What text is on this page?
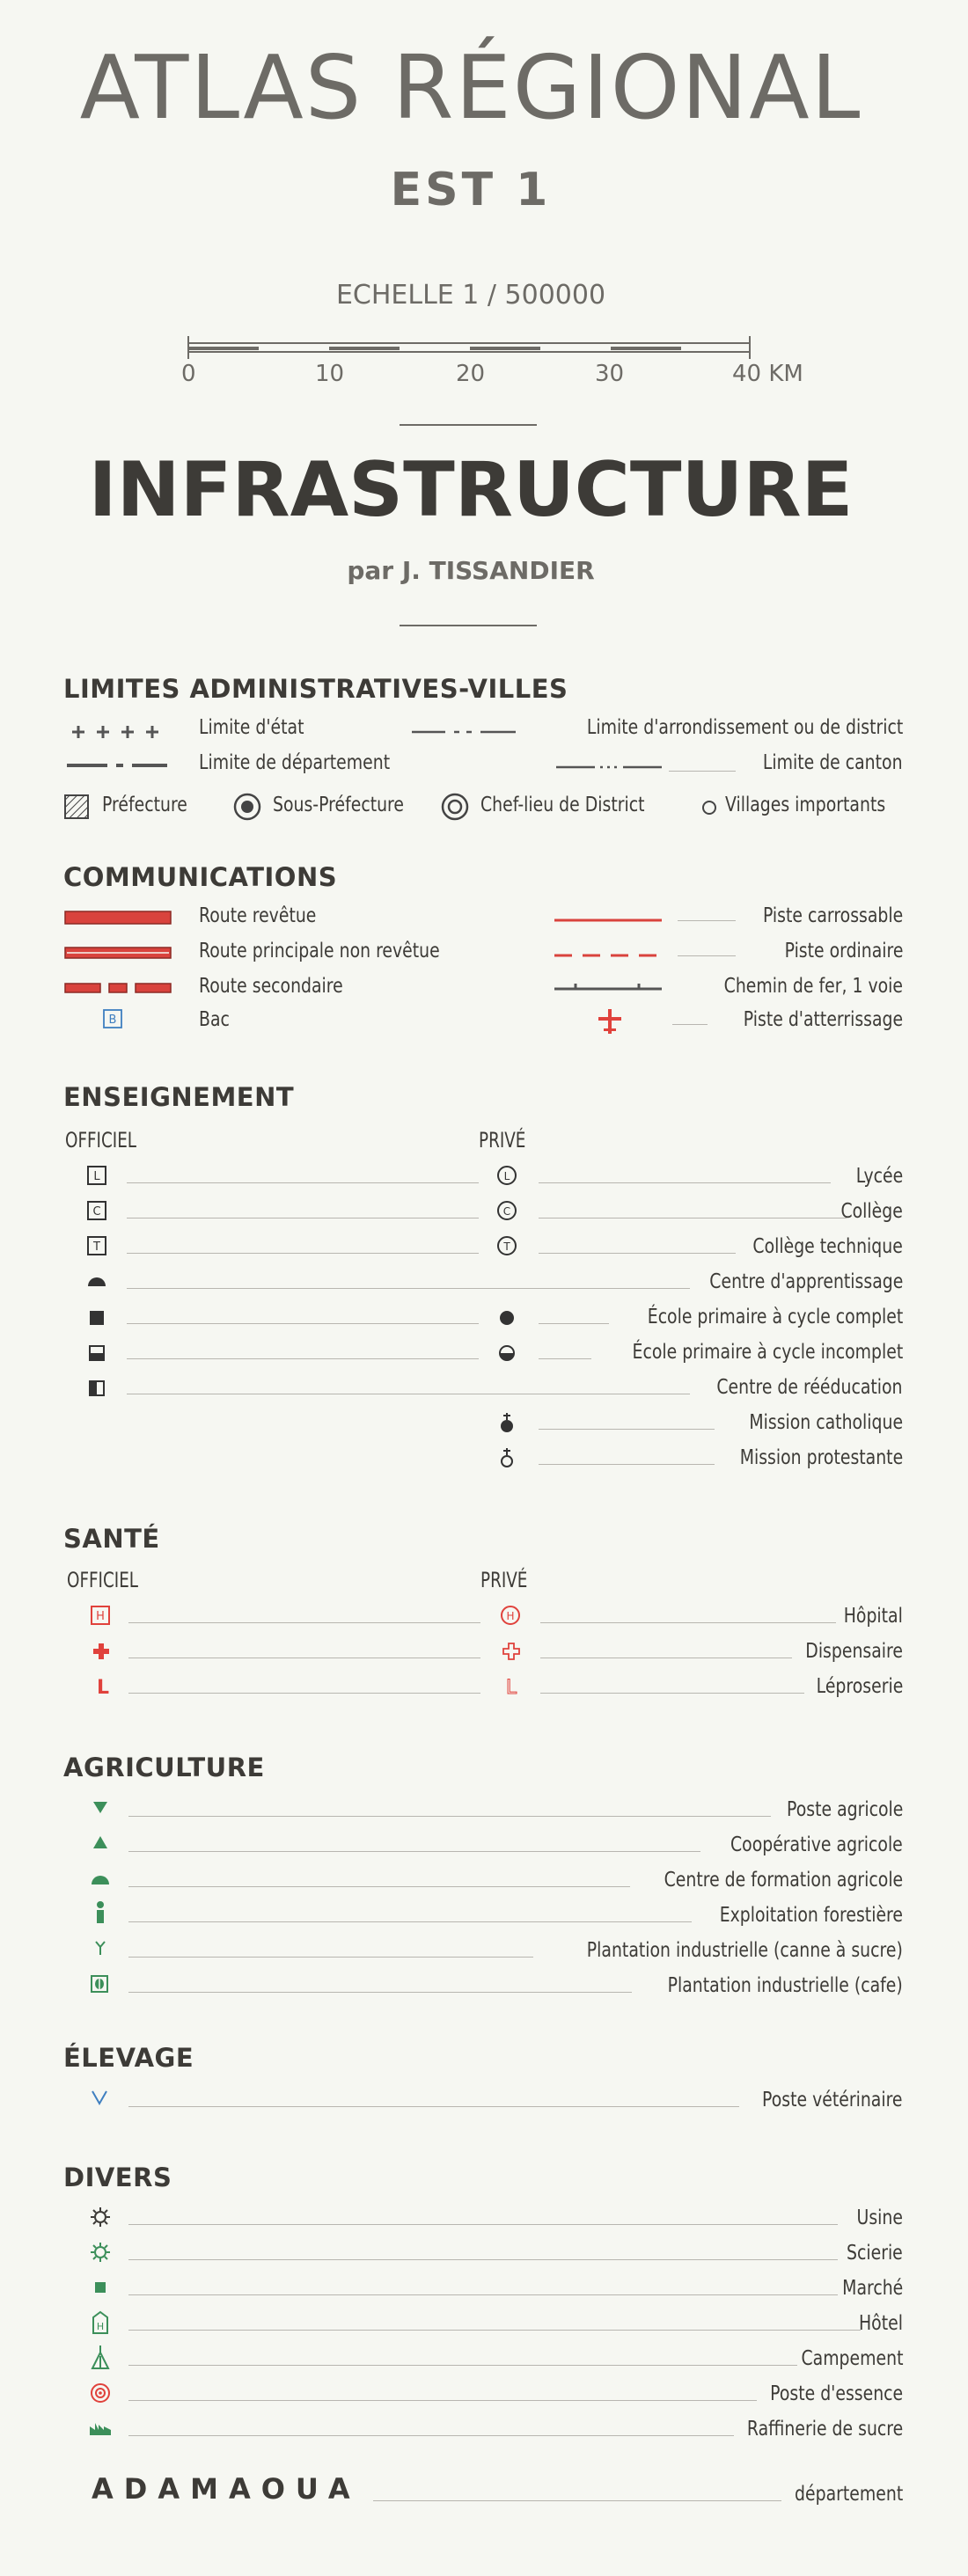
ATLAS RÉGIONAL
EST 1
ECHELLE 1 / 500000
0	10	20	30	40 KM
INFRASTRUCTURE
par J. TISSANDIER
LIMITES ADMINISTRATIVES-VILLES
Limite d'état	Limite d'arrondissement ou de district
Limite de département	Limite de canton
Préfecture	Sous-Préfecture	Chef-lieu de District	Villages importants
COMMUNICATIONS
Route revêtue	Piste carrossable
Route principale non revêtue	Piste ordinaire
Route secondaire	Chemin de fer, 1 voie
B	Bac	Piste d'atterrissage
ENSEIGNEMENT
OFFICIEL	PRIVÉ
L	L	Lycée
C	C	Collège
T	T	Collège technique
Centre d'apprentissage
École primaire à cycle complet
École primaire à cycle incomplet
Centre de rééducation
Mission catholique
Mission protestante
SANTÉ
OFFICIEL	PRIVÉ
H	H	Hôpital
Dispensaire
L	L	Léproserie
AGRICULTURE
Poste agricole
Coopérative agricole
Centre de formation agricole
Exploitation forestière
Plantation industrielle (canne à sucre)
Plantation industrielle (cafe)
ÉLEVAGE
Poste vétérinaire
DIVERS
Usine
Scierie
Marché
H	Hôtel
Campement
Poste d'essence
Raffinerie de sucre
ADAMAOUA	département
